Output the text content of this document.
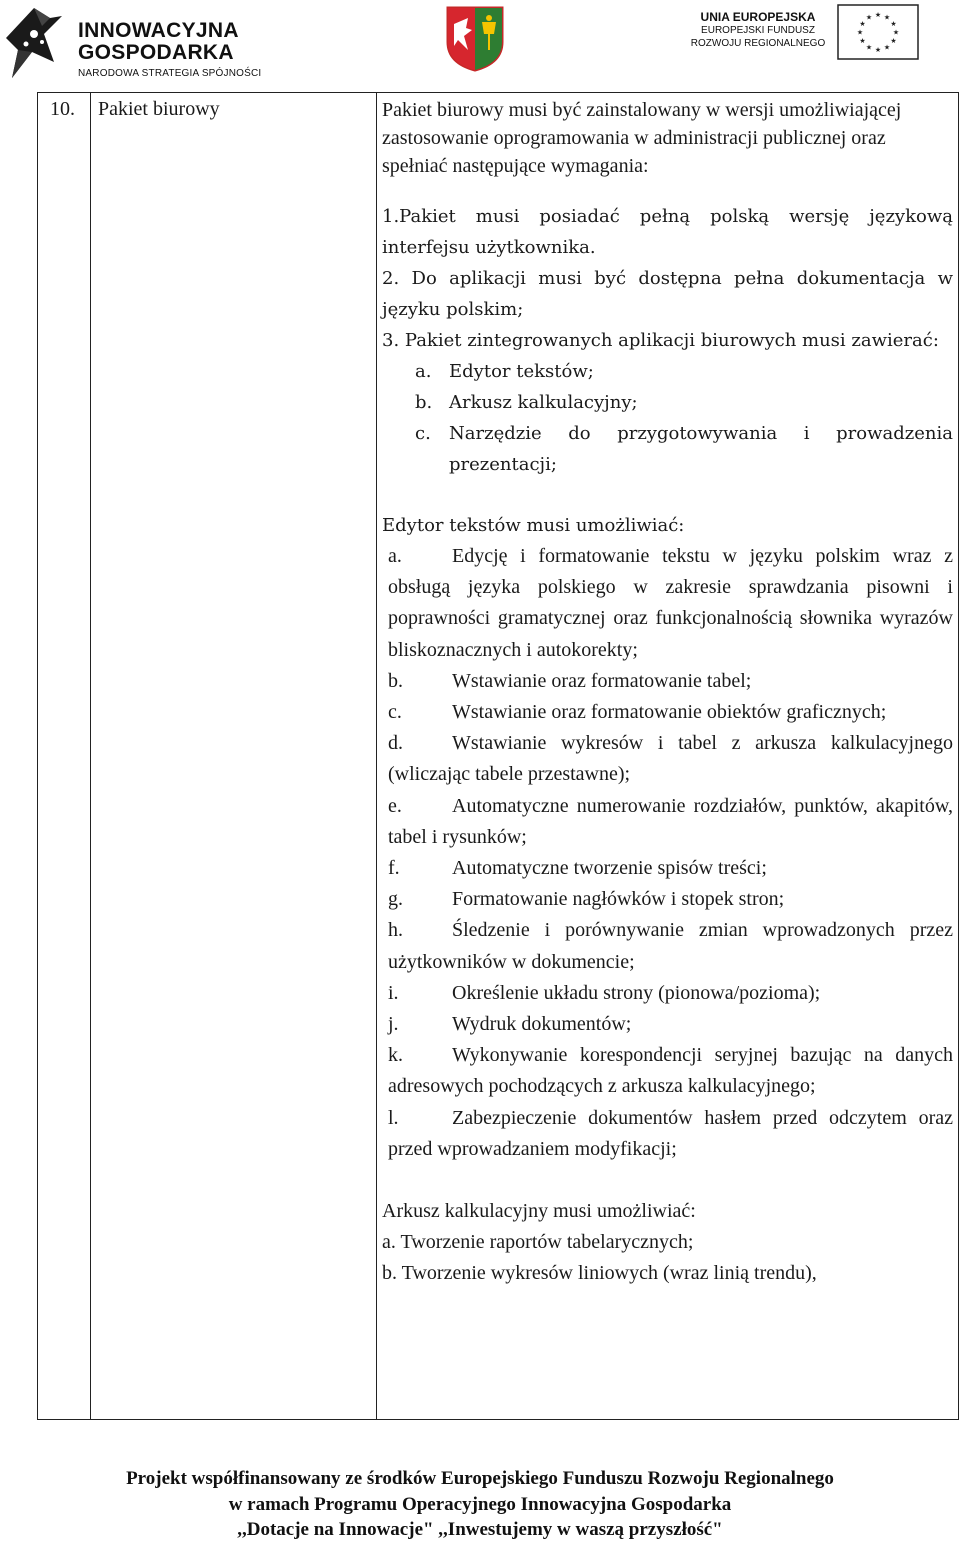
INNOWACYJNA
GOSPODARKA
NARODOWA STRATEGIA SPÓJNOŚCI
UNIA EUROPEJSKA
EUROPEJSKI FUNDUSZ
ROZWOJU REGIONALNEGO
★ ★
★
★
★
★
★
★
★
★
★
★
10. Pakiet biurowy	Pakiet biurowy musi być zainstalowany w wersji umożliwiającej zastosowanie oprogramowania w administracji publicznej oraz spełniać następujące wymagania:

1.Pakiet musi posiadać pełną polską wersję językową interfejsu użytkownika.

2. Do aplikacji musi być dostępna pełna dokumentacja w języku polskim;

3. Pakiet zintegrowanych aplikacji biurowych musi zawierać:

a. Edytor tekstów;
b. Arkusz kalkulacyjny;
c.	Narzędzie do przygotowywania i prowadzenia prezentacji;

Edytor tekstów musi umożliwiać:

a.	Edycję i formatowanie tekstu w języku polskim wraz z obsługą języka polskiego w zakresie sprawdzania pisowni i poprawności gramatycznej oraz funkcjonalnością słownika wyrazów bliskoznacznych i autokorekty;
b. Wstawianie oraz formatowanie tabel;
c.	Wstawianie oraz formatowanie obiektów graficznych;
d. Wstawianie wykresów i tabel z arkusza kalkulacyjnego (wliczając tabele przestawne);
e.	Automatyczne numerowanie rozdziałów, punktów, akapitów, tabel i rysunków;
f.	Automatyczne tworzenie spisów treści;
g. Formatowanie nagłówków i stopek stron;
h. Śledzenie i porównywanie zmian wprowadzonych przez użytkowników w dokumencie;
i.	Określenie układu strony (pionowa/pozioma);
j.	Wydruk dokumentów;
k. Wykonywanie korespondencji seryjnej bazując na danych adresowych pochodzących z arkusza kalkulacyjnego;
l.	Zabezpieczenie dokumentów hasłem przed odczytem oraz przed wprowadzaniem modyfikacji;
Arkusz kalkulacyjny musi umożliwiać:
a. Tworzenie raportów tabelarycznych;
b. Tworzenie wykresów liniowych (wraz linią trendu),
Projekt współfinansowany ze środków Europejskiego Funduszu Rozwoju Regionalnego
w ramach Programu Operacyjnego Innowacyjna Gospodarka
,,Dotacje na Innowacje" ,,Inwestujemy w waszą przyszłość"
